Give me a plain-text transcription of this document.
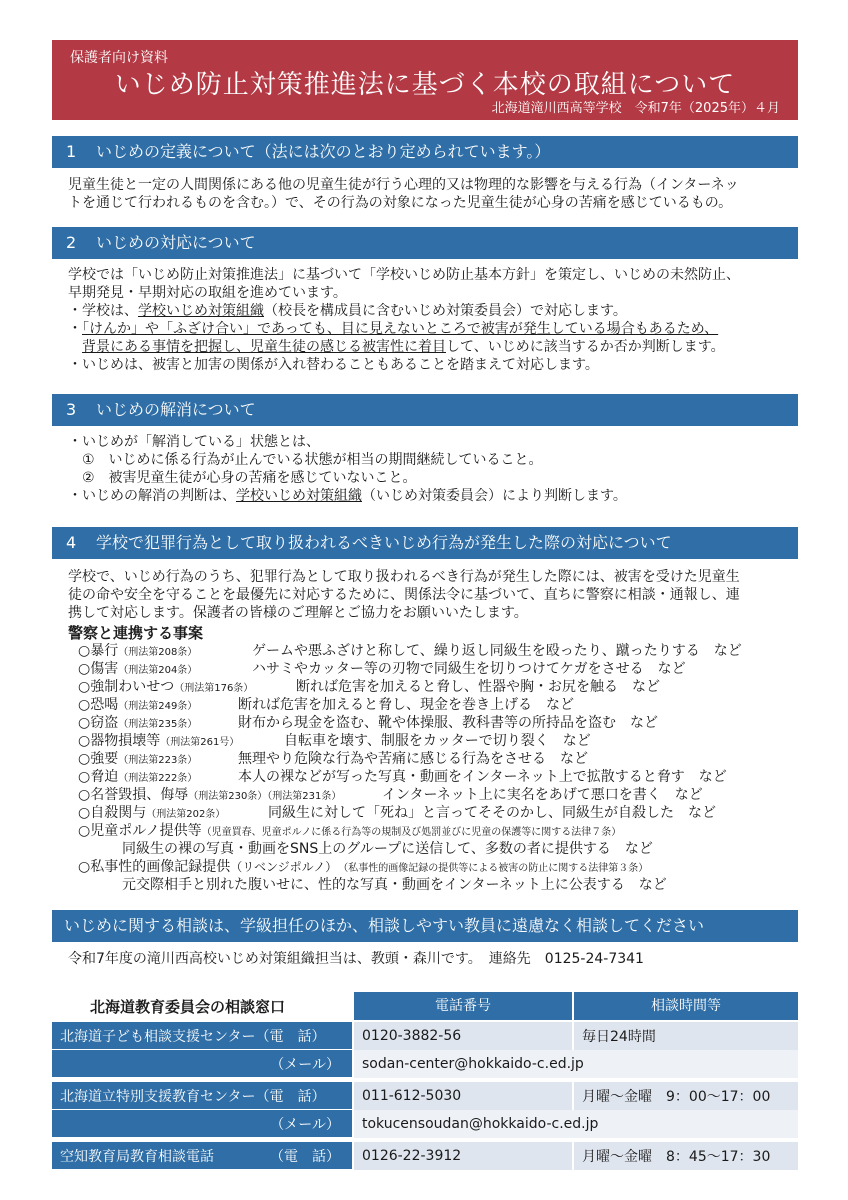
保護者向け資料
いじめ防止対策推進法に基づく本校の取組について
北海道滝川西高等学校　令和7年（2025年）４月
1 いじめの定義について（法には次のとおり定められています。）
児童生徒と一定の人間関係にある他の児童生徒が行う心理的又は物理的な影響を与える行為（インターネッ
トを通じて行われるものを含む。）で、その行為の対象になった児童生徒が心身の苦痛を感じているもの。
2 いじめの対応について
学校では「いじめ防止対策推進法」に基づいて「学校いじめ防止基本方針」を策定し、いじめの未然防止、
早期発見・早期対応の取組を進めています。
・学校は、学校いじめ対策組織（校長を構成員に含むいじめ対策委員会）で対応します。
・「けんか」や「ふざけ合い」であっても、目に見えないところで被害が発生している場合もあるため、
背景にある事情を把握し、児童生徒の感じる被害性に着目して、いじめに該当するか否か判断します。
・いじめは、被害と加害の関係が入れ替わることもあることを踏まえて対応します。
3 いじめの解消について
・いじめが「解消している」状態とは、
①　いじめに係る行為が止んでいる状態が相当の期間継続していること。
②　被害児童生徒が心身の苦痛を感じていないこと。
・いじめの解消の判断は、学校いじめ対策組織（いじめ対策委員会）により判断します。
4 学校で犯罪行為として取り扱われるべきいじめ行為が発生した際の対応について
学校で、いじめ行為のうち、犯罪行為として取り扱われるべき行為が発生した際には、被害を受けた児童生
徒の命や安全を守ることを最優先に対応するために、関係法令に基づいて、直ちに警察に相談・通報し、連
携して対応します。保護者の皆様のご理解とご協力をお願いいたします。
警察と連携する事案
○暴行（刑法第208条）	ゲームや悪ふざけと称して、繰り返し同級生を殴ったり、蹴ったりする　など
○傷害（刑法第204条）	ハサミやカッター等の刃物で同級生を切りつけてケガをさせる　など
○強制わいせつ（刑法第176条）	断れば危害を加えると脅し、性器や胸・お尻を触る　など
○恐喝（刑法第249条）	断れば危害を加えると脅し、現金を巻き上げる　など
○窃盗（刑法第235条）	財布から現金を盗む、靴や体操服、教科書等の所持品を盗む　など
○器物損壊等（刑法第261号）	自転車を壊す、制服をカッターで切り裂く　など
○強要（刑法第223条）	無理やり危険な行為や苦痛に感じる行為をさせる　など
○脅迫（刑法第222条）	本人の裸などが写った写真・動画をインターネット上で拡散すると脅す　など
○名誉毀損、侮辱（刑法第230条）（刑法第231条）	インターネット上に実名をあげて悪口を書く　など
○自殺関与（刑法第202条）	同級生に対して「死ね」と言ってそそのかし、同級生が自殺した　など
○児童ポルノ提供等（児童買春、児童ポルノに係る行為等の規制及び処罰並びに児童の保護等に関する法律７条）
同級生の裸の写真・動画をSNS上のグループに送信して、多数の者に提供する　など
○私事性的画像記録提供（リベンジポルノ） （私事性的画像記録の提供等による被害の防止に関する法律第３条）
元交際相手と別れた腹いせに、性的な写真・動画をインターネット上に公表する　など
いじめに関する相談は、学級担任のほか、相談しやすい教員に遠慮なく相談してください
令和7年度の滝川西高校いじめ対策組織担当は、教頭・森川です。　連絡先　0125-24-7341
北海道教育委員会の相談窓口	電話番号	相談時間等
北海道子ども相談支援センター（電　話）	0120-3882-56	毎日24時間
（メール）	sodan-center@hokkaido-c.ed.jp
北海道立特別支援教育センター（電　話）	011-612-5030	月曜～金曜　9：00～17：00
（メール）	tokucensoudan@hokkaido-c.ed.jp
空知教育局教育相談電話	（電　話）	0126-22-3912	月曜～金曜　8：45～17：30
